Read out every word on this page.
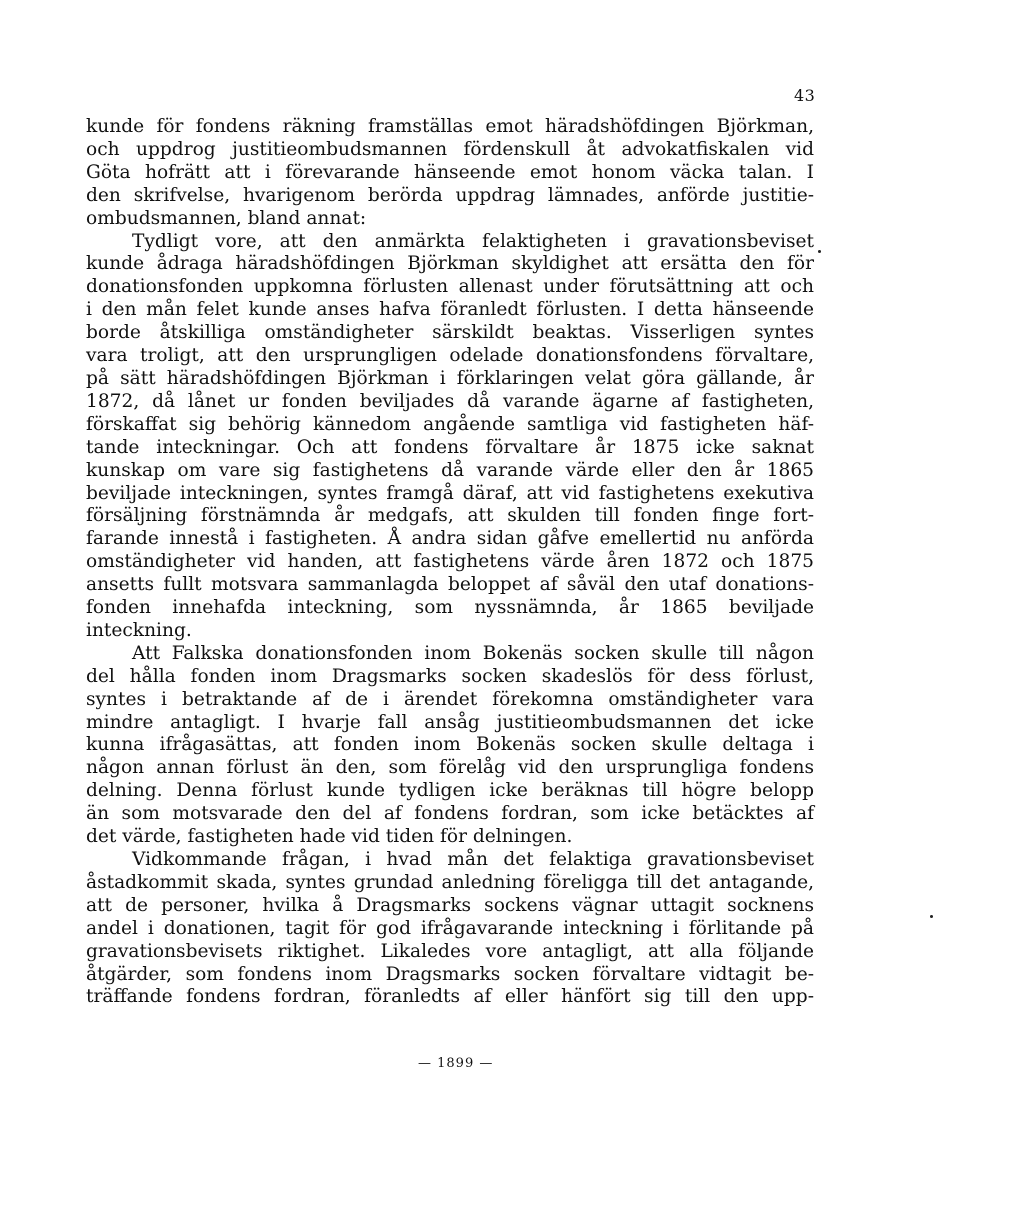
43
kunde för fondens räkning framställas emot häradshöfdingen Björkman,
och uppdrog justitieombudsmannen fördenskull åt advokatfiskalen vid
Göta hofrätt att i förevarande hänseende emot honom väcka talan. I
den skrifvelse, hvarigenom berörda uppdrag lämnades, anförde justitie-
ombudsmannen, bland annat:
Tydligt vore, att den anmärkta felaktigheten i gravationsbeviset
kunde ådraga häradshöfdingen Björkman skyldighet att ersätta den för
donationsfonden uppkomna förlusten allenast under förutsättning att och
i den mån felet kunde anses hafva föranledt förlusten. I detta hänseende
borde åtskilliga omständigheter särskildt beaktas. Visserligen syntes
vara troligt, att den ursprungligen odelade donationsfondens förvaltare,
på sätt häradshöfdingen Björkman i förklaringen velat göra gällande, år
1872, då lånet ur fonden beviljades då varande ägarne af fastigheten,
förskaffat sig behörig kännedom angående samtliga vid fastigheten häf-
tande inteckningar. Och att fondens förvaltare år 1875 icke saknat
kunskap om vare sig fastighetens då varande värde eller den år 1865
beviljade inteckningen, syntes framgå däraf, att vid fastighetens exekutiva
försäljning förstnämnda år medgafs, att skulden till fonden finge fort-
farande innestå i fastigheten. Å andra sidan gåfve emellertid nu anförda
omständigheter vid handen, att fastighetens värde åren 1872 och 1875
ansetts fullt motsvara sammanlagda beloppet af såväl den utaf donations-
fonden innehafda inteckning, som nyssnämnda, år 1865 beviljade
inteckning.
Att Falkska donationsfonden inom Bokenäs socken skulle till någon
del hålla fonden inom Dragsmarks socken skadeslös för dess förlust,
syntes i betraktande af de i ärendet förekomna omständigheter vara
mindre antagligt. I hvarje fall ansåg justitieombudsmannen det icke
kunna ifrågasättas, att fonden inom Bokenäs socken skulle deltaga i
någon annan förlust än den, som förelåg vid den ursprungliga fondens
delning. Denna förlust kunde tydligen icke beräknas till högre belopp
än som motsvarade den del af fondens fordran, som icke betäcktes af
det värde, fastigheten hade vid tiden för delningen.
Vidkommande frågan, i hvad mån det felaktiga gravationsbeviset
åstadkommit skada, syntes grundad anledning föreligga till det antagande,
att de personer, hvilka å Dragsmarks sockens vägnar uttagit socknens
andel i donationen, tagit för god ifrågavarande inteckning i förlitande på
gravationsbevisets riktighet. Likaledes vore antagligt, att alla följande
åtgärder, som fondens inom Dragsmarks socken förvaltare vidtagit be-
träffande fondens fordran, föranledts af eller hänfört sig till den upp-
— 1899 —
